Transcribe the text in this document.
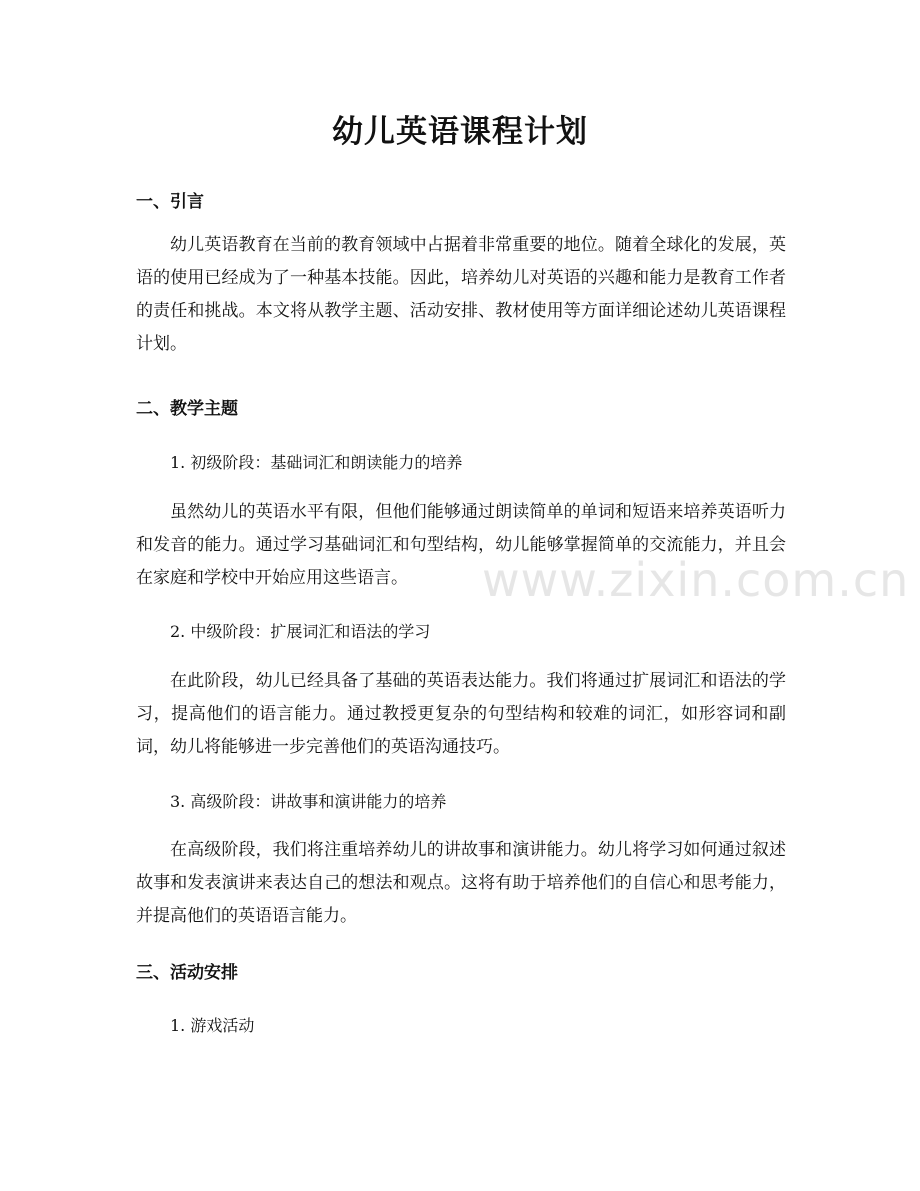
www.zixin.com.cn
幼儿英语课程计划
一、引言
幼儿英语教育在当前的教育领域中占据着非常重要的地位。随着全球化的发展，英语的使用已经成为了一种基本技能。因此，培养幼儿对英语的兴趣和能力是教育工作者的责任和挑战。本文将从教学主题、活动安排、教材使用等方面详细论述幼儿英语课程计划。
二、教学主题
1. 初级阶段：基础词汇和朗读能力的培养
虽然幼儿的英语水平有限，但他们能够通过朗读简单的单词和短语来培养英语听力和发音的能力。通过学习基础词汇和句型结构，幼儿能够掌握简单的交流能力，并且会在家庭和学校中开始应用这些语言。
2. 中级阶段：扩展词汇和语法的学习
在此阶段，幼儿已经具备了基础的英语表达能力。我们将通过扩展词汇和语法的学习，提高他们的语言能力。通过教授更复杂的句型结构和较难的词汇，如形容词和副词，幼儿将能够进一步完善他们的英语沟通技巧。
3. 高级阶段：讲故事和演讲能力的培养
在高级阶段，我们将注重培养幼儿的讲故事和演讲能力。幼儿将学习如何通过叙述故事和发表演讲来表达自己的想法和观点。这将有助于培养他们的自信心和思考能力，并提高他们的英语语言能力。
三、活动安排
1. 游戏活动
